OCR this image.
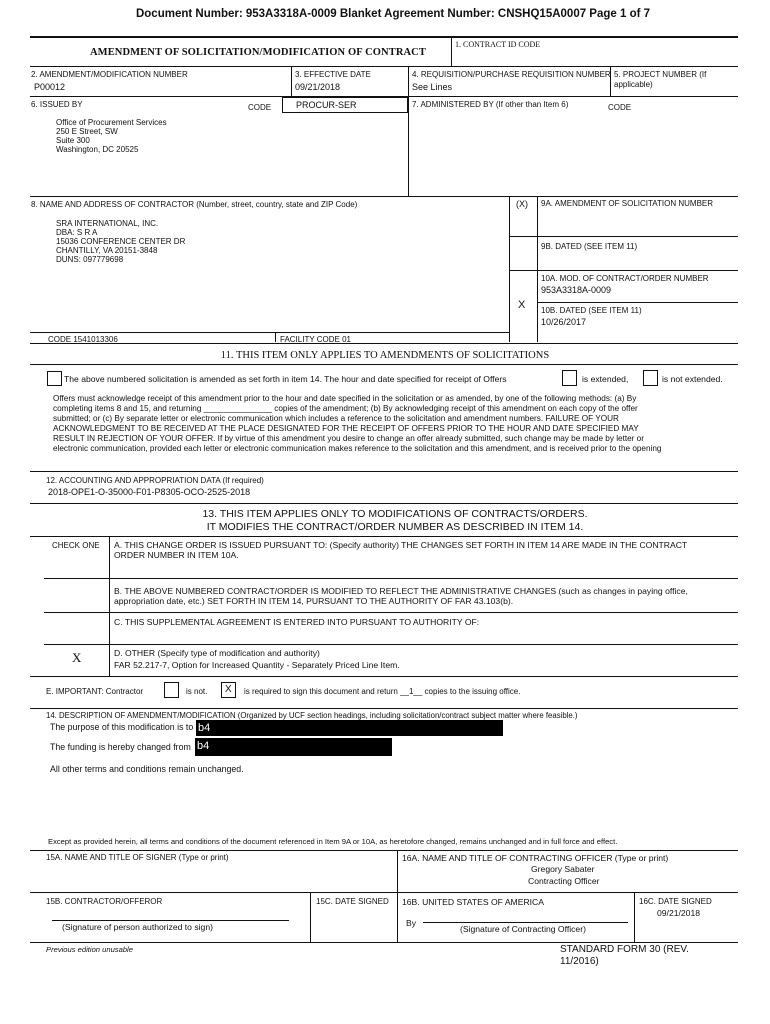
Document Number: 953A3318A-0009 Blanket Agreement Number: CNSHQ15A0007 Page 1 of 7
AMENDMENT OF SOLICITATION/MODIFICATION OF CONTRACT
1. CONTRACT ID CODE
2. AMENDMENT/MODIFICATION NUMBER
P00012
3. EFFECTIVE DATE
09/21/2018
4. REQUISITION/PURCHASE REQUISITION NUMBER
See Lines
5. PROJECT NUMBER (If
applicable)
6. ISSUED BY	CODE	PROCUR-SER	7. ADMINISTERED BY (If other than Item 6)	CODE
Office of Procurement Services
250 E Street, SW
Suite 300
Washington, DC 20525
8. NAME AND ADDRESS OF CONTRACTOR (Number, street, country, state and ZIP Code)	(X) 9A. AMENDMENT OF SOLICITATION NUMBER
SRA INTERNATIONAL, INC.
DBA: S R A
15036 CONFERENCE CENTER DR
CHANTILLY, VA 20151-3848
DUNS: 097779698
9B. DATED (SEE ITEM 11)
10A. MOD. OF CONTRACT/ORDER NUMBER
953A3318A-0009
X 10B. DATED (SEE ITEM 11)
10/26/2017
CODE 1541013306	FACILITY CODE 01
11. THIS ITEM ONLY APPLIES TO AMENDMENTS OF SOLICITATIONS
The above numbered solicitation is amended as set forth in item 14. The hour and date specified for receipt of Offers	is extended,	is not extended.
Offers must acknowledge receipt of this amendment prior to the hour and date specified in the solicitation or as amended, by one of the following methods: (a) By
completing items 8 and 15, and returning _______________ copies of the amendment; (b) By acknowledging receipt of this amendment on each copy of the offer
submitted; or (c) By separate letter or electronic communication which includes a reference to the solicitation and amendment numbers. FAILURE OF YOUR
ACKNOWLEDGMENT TO BE RECEIVED AT THE PLACE DESIGNATED FOR THE RECEIPT OF OFFERS PRIOR TO THE HOUR AND DATE SPECIFIED MAY
RESULT IN REJECTION OF YOUR OFFER. If by virtue of this amendment you desire to change an offer already submitted, such change may be made by letter or
electronic communication, provided each letter or electronic communication makes reference to the solicitation and this amendment, and is received prior to the opening
12. ACCOUNTING AND APPROPRIATION DATA (If required)
2018-OPE1-O-35000-F01-P8305-OCO-2525-2018
13. THIS ITEM APPLIES ONLY TO MODIFICATIONS OF CONTRACTS/ORDERS.
IT MODIFIES THE CONTRACT/ORDER NUMBER AS DESCRIBED IN ITEM 14.
CHECK ONE A. THIS CHANGE ORDER IS ISSUED PURSUANT TO: (Specify authority) THE CHANGES SET FORTH IN ITEM 14 ARE MADE IN THE CONTRACT
ORDER NUMBER IN ITEM 10A.
B. THE ABOVE NUMBERED CONTRACT/ORDER IS MODIFIED TO REFLECT THE ADMINISTRATIVE CHANGES (such as changes in paying office,
appropriation date, etc.) SET FORTH IN ITEM 14, PURSUANT TO THE AUTHORITY OF FAR 43.103(b).
C. THIS SUPPLEMENTAL AGREEMENT IS ENTERED INTO PURSUANT TO AUTHORITY OF:
X	D. OTHER (Specify type of modification and authority)
FAR 52.217-7, Option for Increased Quantity - Separately Priced Line Item.
E. IMPORTANT: Contractor	is not. X is required to sign this document and return __1__ copies to the issuing office.
14. DESCRIPTION OF AMENDMENT/MODIFICATION (Organized by UCF section headings, including solicitation/contract subject matter where feasible.)
The purpose of this modification is to b4
The funding is hereby changed from b4
All other terms and conditions remain unchanged.
Except as provided herein, all terms and conditions of the document referenced in Item 9A or 10A, as heretofore changed, remains unchanged and in full force and effect.
15A. NAME AND TITLE OF SIGNER (Type or print)	16A. NAME AND TITLE OF CONTRACTING OFFICER (Type or print)
Gregory Sabater
Contracting Officer
15B. CONTRACTOR/OFFEROR	15C. DATE SIGNED 16B. UNITED STATES OF AMERICA	16C. DATE SIGNED
09/21/2018
(Signature of person authorized to sign)	By
(Signature of Contracting Officer)
Previous edition unusable	STANDARD FORM 30 (REV.
11/2016)
